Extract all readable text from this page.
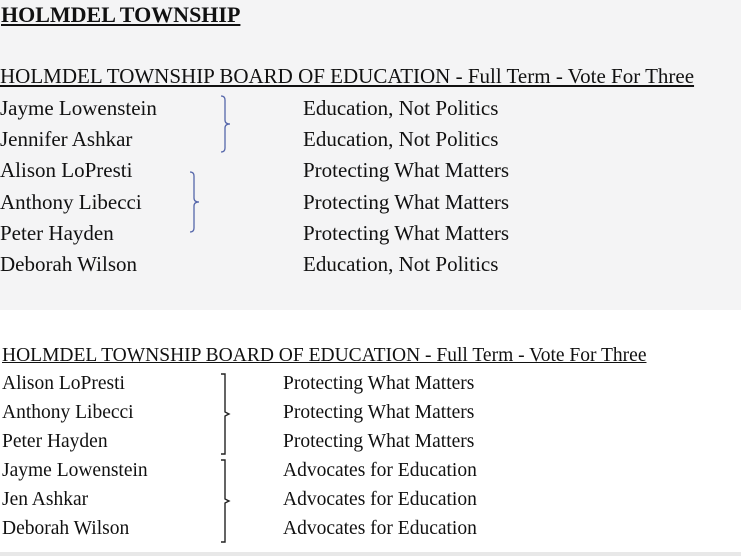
HOLMDEL TOWNSHIP
HOLMDEL TOWNSHIP BOARD OF EDUCATION - Full Term - Vote For Three
Jayme Lowenstein	Education, Not Politics
Jennifer Ashkar	Education, Not Politics
Alison LoPresti	Protecting What Matters
Anthony Libecci	Protecting What Matters
Peter Hayden	Protecting What Matters
Deborah Wilson	Education, Not Politics
HOLMDEL TOWNSHIP BOARD OF EDUCATION - Full Term - Vote For Three
Alison LoPresti	Protecting What Matters
Anthony Libecci	Protecting What Matters
Peter Hayden	Protecting What Matters
Jayme Lowenstein	Advocates for Education
Jen Ashkar	Advocates for Education
Deborah Wilson	Advocates for Education
